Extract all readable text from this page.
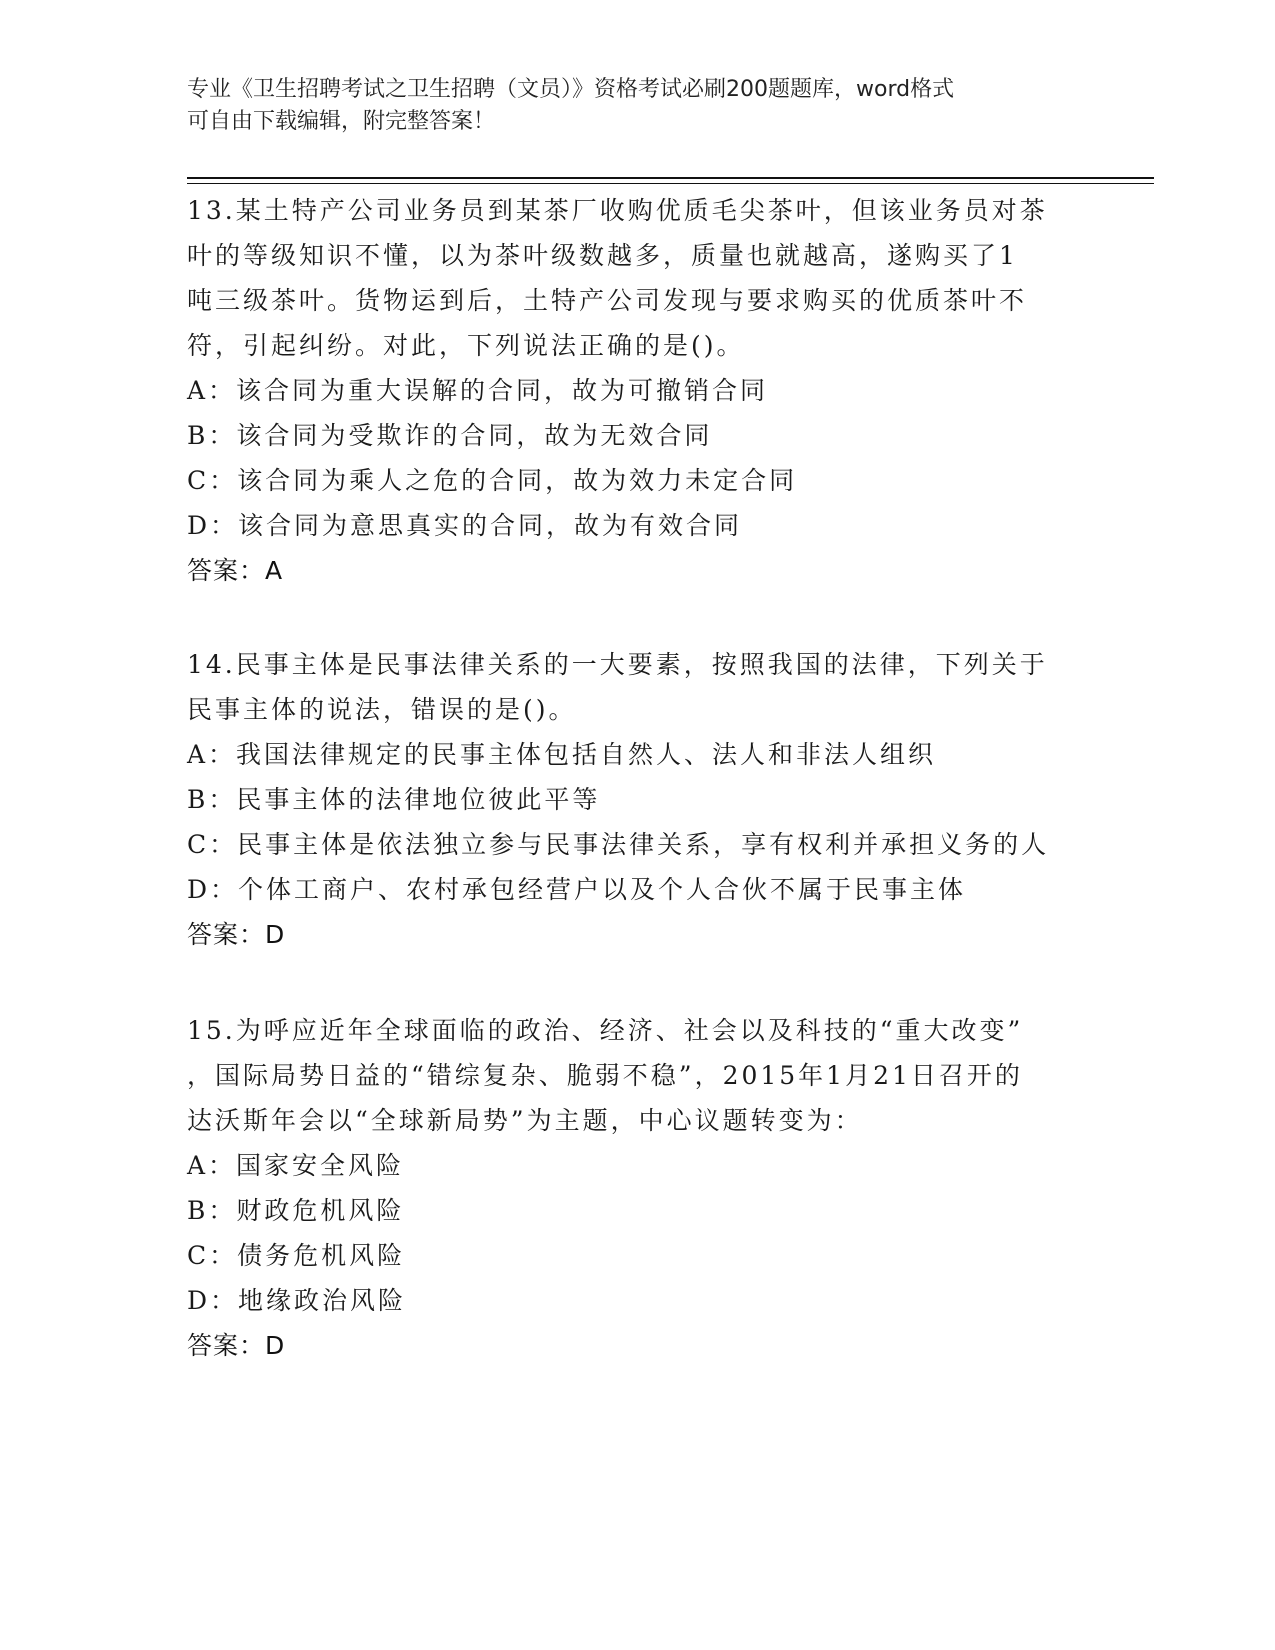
专业《卫生招聘考试之卫生招聘（文员）》资格考试必刷200题题库，word格式
可自由下载编辑，附完整答案！
13.某土特产公司业务员到某茶厂收购优质毛尖茶叶，但该业务员对茶
叶的等级知识不懂，以为茶叶级数越多，质量也就越高，遂购买了1
吨三级茶叶。货物运到后，土特产公司发现与要求购买的优质茶叶不
符，引起纠纷。对此，下列说法正确的是()。
A：该合同为重大误解的合同，故为可撤销合同
B：该合同为受欺诈的合同，故为无效合同
C：该合同为乘人之危的合同，故为效力未定合同
D：该合同为意思真实的合同，故为有效合同
答案：A
14.民事主体是民事法律关系的一大要素，按照我国的法律，下列关于
民事主体的说法，错误的是()。
A：我国法律规定的民事主体包括自然人、法人和非法人组织
B：民事主体的法律地位彼此平等
C：民事主体是依法独立参与民事法律关系，享有权利并承担义务的人
D：个体工商户、农村承包经营户以及个人合伙不属于民事主体
答案：D
15.为呼应近年全球面临的政治、经济、社会以及科技的“重大改变”
，国际局势日益的“错综复杂、脆弱不稳”，2015年1月21日召开的
达沃斯年会以“全球新局势”为主题，中心议题转变为：
A：国家安全风险
B：财政危机风险
C：债务危机风险
D：地缘政治风险
答案：D
